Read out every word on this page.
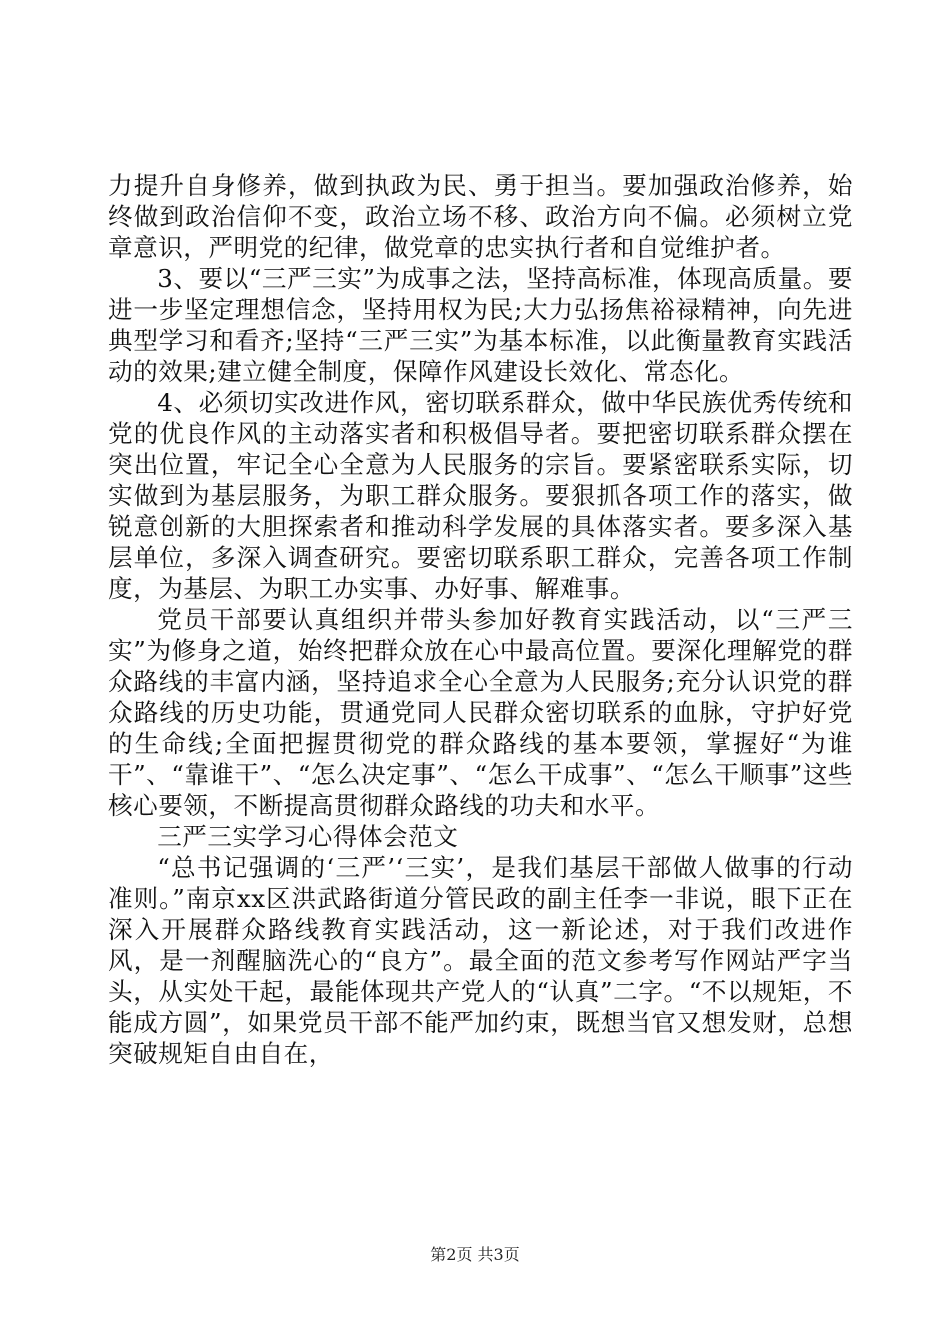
力提升自身修养，做到执政为民、勇于担当。要加强政治修养，始终做到政治信仰不变，政治立场不移、政治方向不偏。必须树立党章意识，严明党的纪律，做党章的忠实执行者和自觉维护者。

3、要以“三严三实”为成事之法，坚持高标准，体现高质量。要进一步坚定理想信念，坚持用权为民;大力弘扬焦裕禄精神，向先进典型学习和看齐;坚持“三严三实”为基本标准，以此衡量教育实践活动的效果;建立健全制度，保障作风建设长效化、常态化。

4、必须切实改进作风，密切联系群众，做中华民族优秀传统和党的优良作风的主动落实者和积极倡导者。要把密切联系群众摆在突出位置，牢记全心全意为人民服务的宗旨。要紧密联系实际，切实做到为基层服务，为职工群众服务。要狠抓各项工作的落实，做锐意创新的大胆探索者和推动科学发展的具体落实者。要多深入基层单位，多深入调查研究。要密切联系职工群众，完善各项工作制度，为基层、为职工办实事、办好事、解难事。

党员干部要认真组织并带头参加好教育实践活动，以“三严三实”为修身之道，始终把群众放在心中最高位置。要深化理解党的群众路线的丰富内涵，坚持追求全心全意为人民服务;充分认识党的群众路线的历史功能，贯通党同人民群众密切联系的血脉，守护好党的生命线;全面把握贯彻党的群众路线的基本要领，掌握好“为谁干”、“靠谁干”、“怎么决定事”、“怎么干成事”、“怎么干顺事”这些核心要领，不断提高贯彻群众路线的功夫和水平。

三严三实学习心得体会范文

“总书记强调的‘三严’‘三实’，是我们基层干部做人做事的行动准则。”南京xx区洪武路街道分管民政的副主任李一非说，眼下正在深入开展群众路线教育实践活动，这一新论述，对于我们改进作风，是一剂醒脑洗心的“良方”。最全面的范文参考写作网站严字当头，从实处干起，最能体现共产党人的“认真”二字。“不以规矩，不能成方圆”，如果党员干部不能严加约束，既想当官又想发财，总想突破规矩自由自在，

第2页 共3页
